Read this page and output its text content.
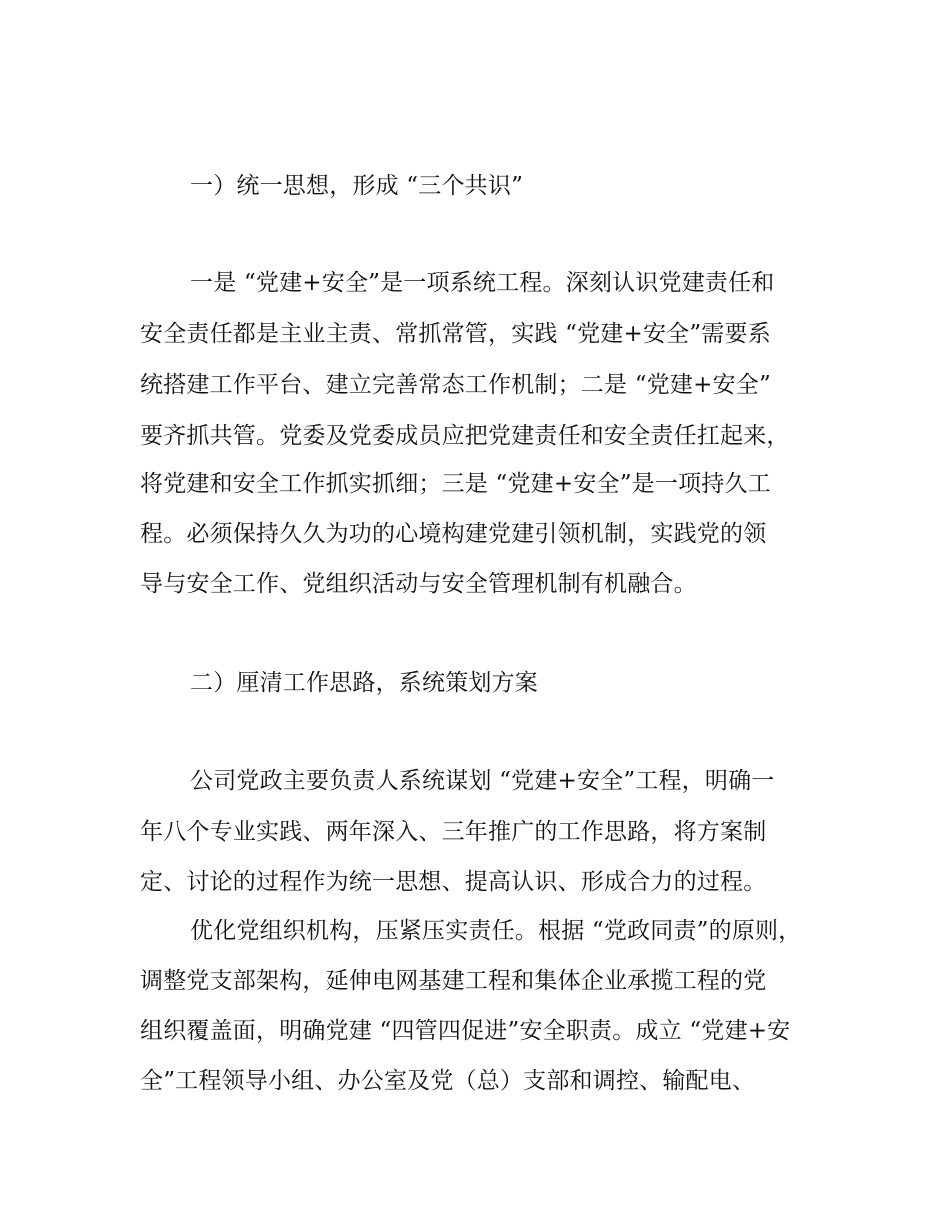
一）统一思想，形成 “三个共识”
一是 “党建+安全”是一项系统工程。深刻认识党建责任和
安全责任都是主业主责、常抓常管，实践 “党建+安全”需要系
统搭建工作平台、建立完善常态工作机制；二是 “党建+安全”
要齐抓共管。党委及党委成员应把党建责任和安全责任扛起来，
将党建和安全工作抓实抓细；三是 “党建+安全”是一项持久工
程。必须保持久久为功的心境构建党建引领机制，实践党的领
导与安全工作、党组织活动与安全管理机制有机融合。
二）厘清工作思路，系统策划方案
公司党政主要负责人系统谋划 “党建+安全”工程，明确一
年八个专业实践、两年深入、三年推广的工作思路，将方案制
定、讨论的过程作为统一思想、提高认识、形成合力的过程。
优化党组织机构，压紧压实责任。根据 “党政同责”的原则，
调整党支部架构，延伸电网基建工程和集体企业承揽工程的党
组织覆盖面，明确党建 “四管四促进”安全职责。成立 “党建+安
全”工程领导小组、办公室及党（总）支部和调控、输配电、
